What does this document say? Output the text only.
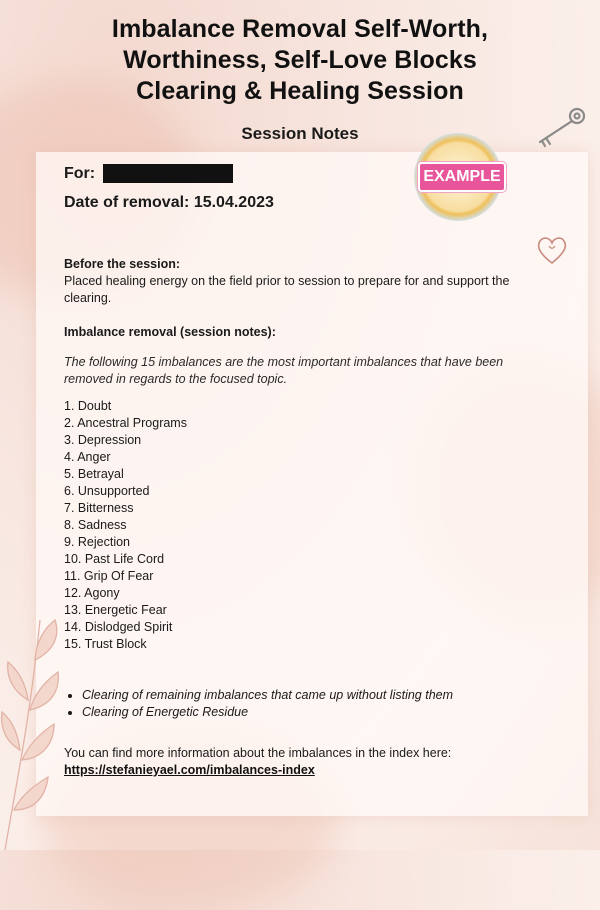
Imbalance Removal Self-Worth,
Worthiness, Self-Love Blocks
Clearing & Healing Session
Session Notes
For:
Date of removal: 15.04.2023
EXAMPLE
Before the session:
Placed healing energy on the field prior to session to prepare for and support the clearing.
Imbalance removal (session notes):
The following 15 imbalances are the most important imbalances that have been removed in regards to the focused topic.
1. Doubt
2. Ancestral Programs
3. Depression
4. Anger
5. Betrayal
6. Unsupported
7. Bitterness
8. Sadness
9. Rejection
10. Past Life Cord
11. Grip Of Fear
12. Agony
13. Energetic Fear
14. Dislodged Spirit
15. Trust Block
• Clearing of remaining imbalances that came up without listing them
• Clearing of Energetic Residue
You can find more information about the imbalances in the index here:
https://stefanieyael.com/imbalances-index
